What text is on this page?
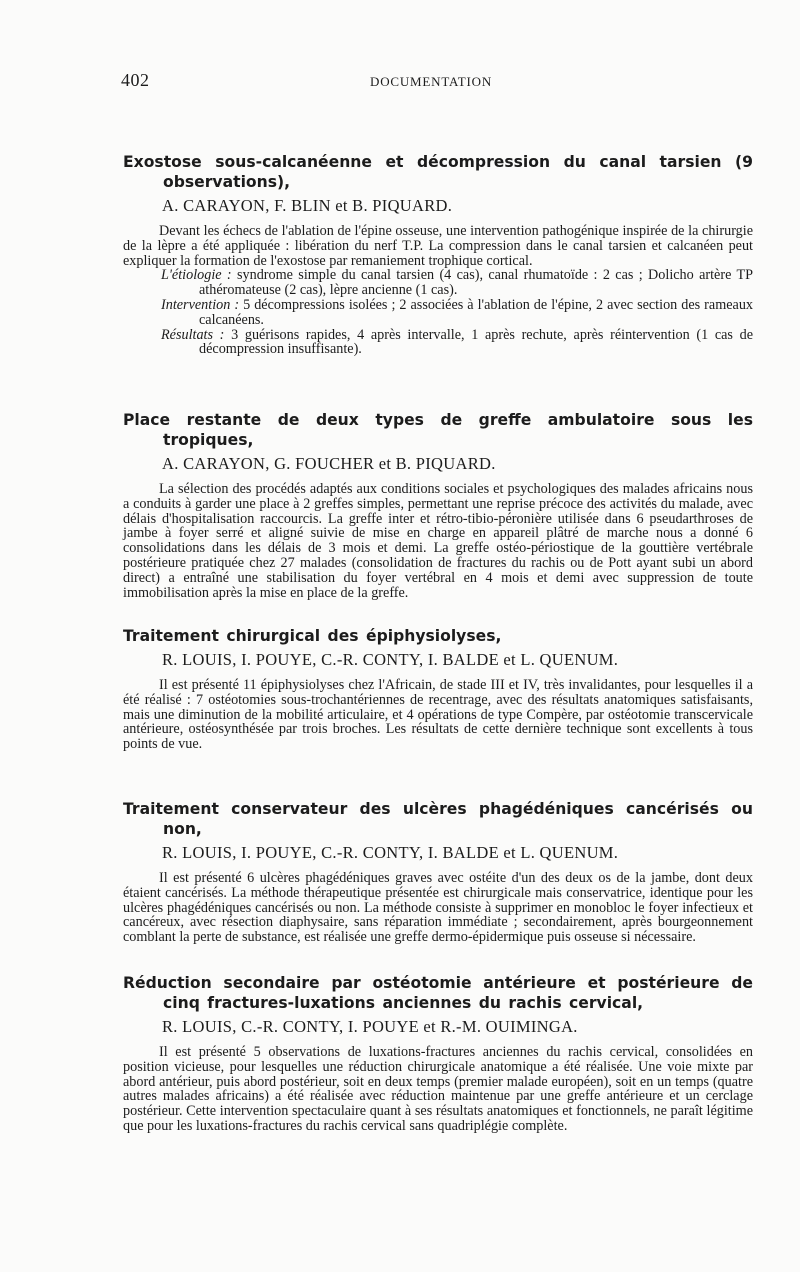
402	DOCUMENTATION
Exostose sous-calcanéenne et décompression du canal tarsien (9 observations),
A. CARAYON, F. BLIN et B. PIQUARD.

Devant les échecs de l'ablation de l'épine osseuse, une intervention pathogénique inspirée de la chirurgie de la lèpre a été appliquée : libération du nerf T.P. La compression dans le canal tarsien et calcanéen peut expliquer la formation de l'exostose par remaniement trophique cortical.

L'étiologie : syndrome simple du canal tarsien (4 cas), canal rhumatoïde : 2 cas ; Dolicho artère TP athéromateuse (2 cas), lèpre ancienne (1 cas).

Intervention : 5 décompressions isolées ; 2 associées à l'ablation de l'épine, 2 avec section des rameaux calcanéens.

Résultats : 3 guérisons rapides, 4 après intervalle, 1 après rechute, après réintervention (1 cas de décompression insuffisante).

Place restante de deux types de greffe ambulatoire sous les tropiques,
A. CARAYON, G. FOUCHER et B. PIQUARD.

La sélection des procédés adaptés aux conditions sociales et psychologiques des malades africains nous a conduits à garder une place à 2 greffes simples, permettant une reprise précoce des activités du malade, avec délais d'hospitalisation raccourcis. La greffe inter et rétro-tibio-péronière utilisée dans 6 pseudarthroses de jambe à foyer serré et aligné suivie de mise en charge en appareil plâtré de marche nous a donné 6 consolidations dans les délais de 3 mois et demi. La greffe ostéo-périostique de la gouttière vertébrale postérieure pratiquée chez 27 malades (consolidation de fractures du rachis ou de Pott ayant subi un abord direct) a entraîné une stabilisation du foyer vertébral en 4 mois et demi avec suppression de toute immobilisation après la mise en place de la greffe.

Traitement chirurgical des épiphysiolyses,
R. LOUIS, I. POUYE, C.-R. CONTY, I. BALDE et L. QUENUM.

Il est présenté 11 épiphysiolyses chez l'Africain, de stade III et IV, très invalidantes, pour lesquelles il a été réalisé : 7 ostéotomies sous-trochantériennes de recentrage, avec des résultats anatomiques satisfaisants, mais une diminution de la mobilité articulaire, et 4 opérations de type Compère, par ostéotomie transcervicale antérieure, ostéosynthésée par trois broches. Les résultats de cette dernière technique sont excellents à tous points de vue.

Traitement conservateur des ulcères phagédéniques cancérisés ou non,
R. LOUIS, I. POUYE, C.-R. CONTY, I. BALDE et L. QUENUM.

Il est présenté 6 ulcères phagédéniques graves avec ostéite d'un des deux os de la jambe, dont deux étaient cancérisés. La méthode thérapeutique présentée est chirurgicale mais conservatrice, identique pour les ulcères phagédéniques cancérisés ou non. La méthode consiste à supprimer en monobloc le foyer infectieux et cancéreux, avec résection diaphysaire, sans réparation immédiate ; secondairement, après bourgeonnement comblant la perte de substance, est réalisée une greffe dermo-épidermique puis osseuse si nécessaire.

Réduction secondaire par ostéotomie antérieure et postérieure de cinq fractures-luxations anciennes du rachis cervical,
R. LOUIS, C.-R. CONTY, I. POUYE et R.-M. OUIMINGA.

Il est présenté 5 observations de luxations-fractures anciennes du rachis cervical, consolidées en position vicieuse, pour lesquelles une réduction chirurgicale anatomique a été réalisée. Une voie mixte par abord antérieur, puis abord postérieur, soit en deux temps (premier malade européen), soit en un temps (quatre autres malades africains) a été réalisée avec réduction maintenue par une greffe antérieure et un cerclage postérieur. Cette intervention spectaculaire quant à ses résultats anatomiques et fonctionnels, ne paraît légitime que pour les luxations-fractures du rachis cervical sans quadriplégie complète.
